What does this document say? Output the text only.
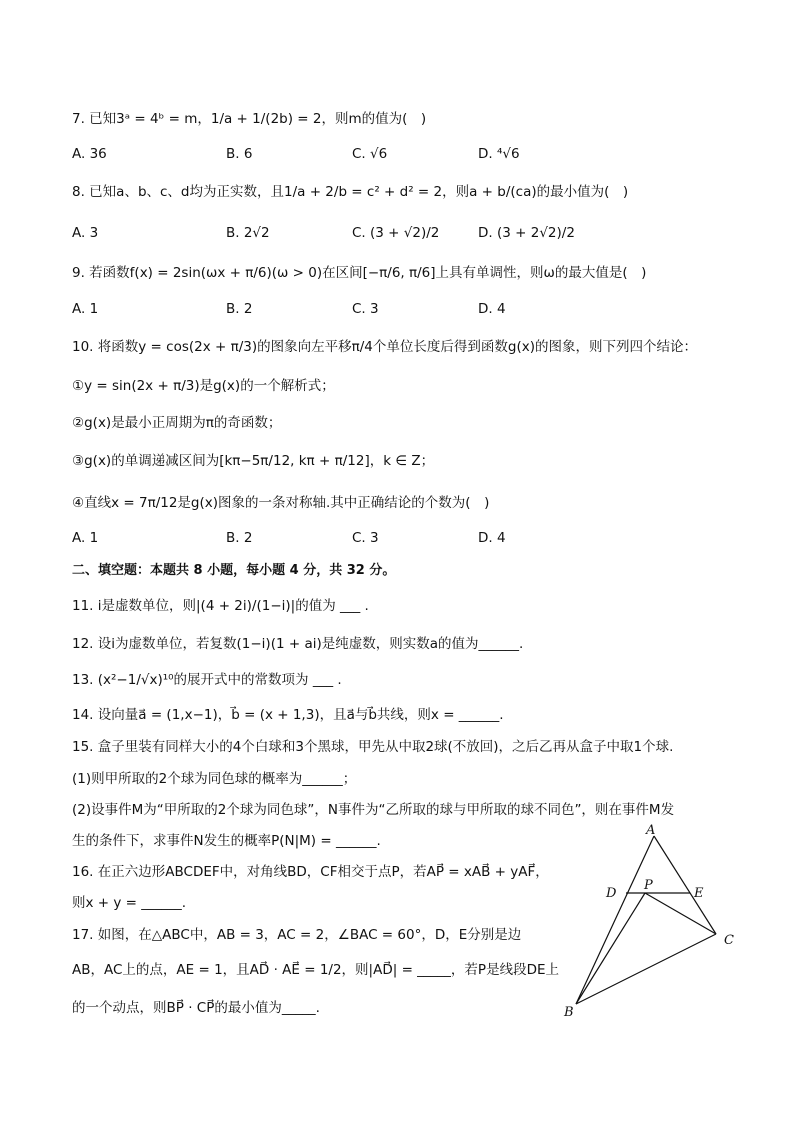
7. 已知3ᵃ = 4ᵇ = m，1/a + 1/(2b) = 2，则m的值为(　)
A. 36	B. 6	C. √6	D. ⁴√6
8. 已知a、b、c、d均为正实数，且1/a + 2/b = c² + d² = 2，则a + b/(ca)的最小值为(　)
A. 3	B. 2√2	C. (3 + √2)/2	D. (3 + 2√2)/2
9. 若函数f(x) = 2sin(ωx + π/6)(ω > 0)在区间[−π/6, π/6]上具有单调性，则ω的最大值是(　)
A. 1	B. 2	C. 3	D. 4
10. 将函数y = cos(2x + π/3)的图象向左平移π/4个单位长度后得到函数g(x)的图象，则下列四个结论：
①y = sin(2x + π/3)是g(x)的一个解析式；
②g(x)是最小正周期为π的奇函数；
③g(x)的单调递减区间为[kπ−5π/12, kπ + π/12]，k ∈ Z；
④直线x = 7π/12是g(x)图象的一条对称轴.其中正确结论的个数为(　)
A. 1	B. 2	C. 3	D. 4
二、填空题：本题共 8 小题，每小题 4 分，共 32 分。
11. i是虚数单位，则|(4 + 2i)/(1−i)|的值为 ___ .
12. 设i为虚数单位，若复数(1−i)(1 + ai)是纯虚数，则实数a的值为______.
13. (x²−1/√x)¹⁰的展开式中的常数项为 ___ .
14. 设向量a⃗ = (1,x−1)，b⃗ = (x + 1,3)，且a⃗与b⃗共线，则x = ______.
15. 盒子里装有同样大小的4个白球和3个黑球，甲先从中取2球(不放回)，之后乙再从盒子中取1个球.
(1)则甲所取的2个球为同色球的概率为______；
(2)设事件M为“甲所取的2个球为同色球”，N事件为“乙所取的球与甲所取的球不同色”，则在事件M发
生的条件下，求事件N发生的概率P(N|M) = ______.
16. 在正六边形ABCDEF中，对角线BD，CF相交于点P，若AP⃗ = xAB⃗ + yAF⃗，
则x + y = ______.
17. 如图，在△ABC中，AB = 3，AC = 2，∠BAC = 60°，D，E分别是边
AB，AC上的点，AE = 1，且AD⃗ · AE⃗ = 1/2，则|AD⃗| = _____，若P是线段DE上
的一个动点，则BP⃗ · CP⃗的最小值为_____.
A
D
P
E
C
B
